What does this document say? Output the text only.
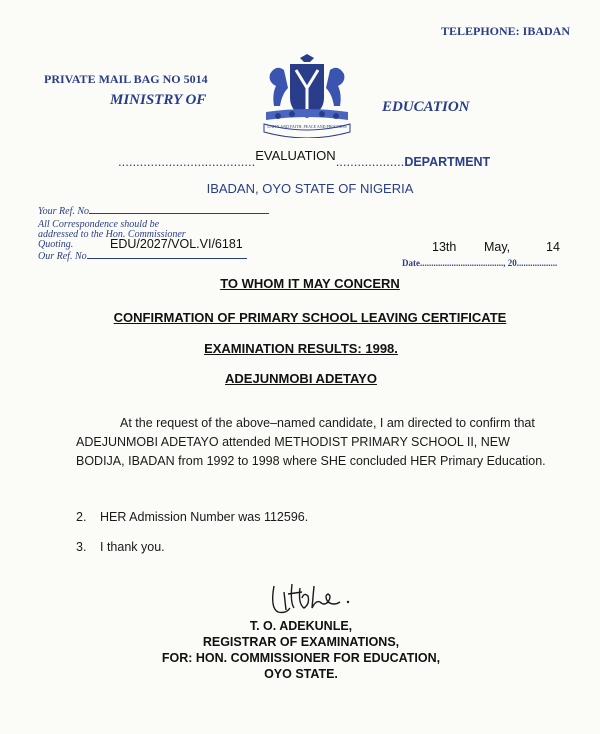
TELEPHONE: IBADAN
PRIVATE MAIL BAG NO 5014
MINISTRY OF
UNITY AND FAITH, PEACE AND PROGRESS
EDUCATION
......................................EVALUATION...................DEPARTMENT
IBADAN, OYO STATE OF NIGERIA
Your Ref. No
All Correspondence should be
addressed to the Hon. Commissioner
Quoting.	EDU/2027/VOL.VI/6181
Our Ref. No
13th May,	14
Date....................................., 20..................
TO WHOM IT MAY CONCERN
CONFIRMATION OF PRIMARY SCHOOL LEAVING CERTIFICATE
EXAMINATION RESULTS: 1998.
ADEJUNMOBI ADETAYO
At the request of the above–named candidate, I am directed to confirm that ADEJUNMOBI ADETAYO attended METHODIST PRIMARY SCHOOL II, NEW BODIJA, IBADAN from 1992 to 1998 where SHE concluded HER Primary Education.
2. HER Admission Number was 112596.
3. I thank you.
T. O. ADEKUNLE,
REGISTRAR OF EXAMINATIONS,
FOR: HON. COMMISSIONER FOR EDUCATION,
OYO STATE.
